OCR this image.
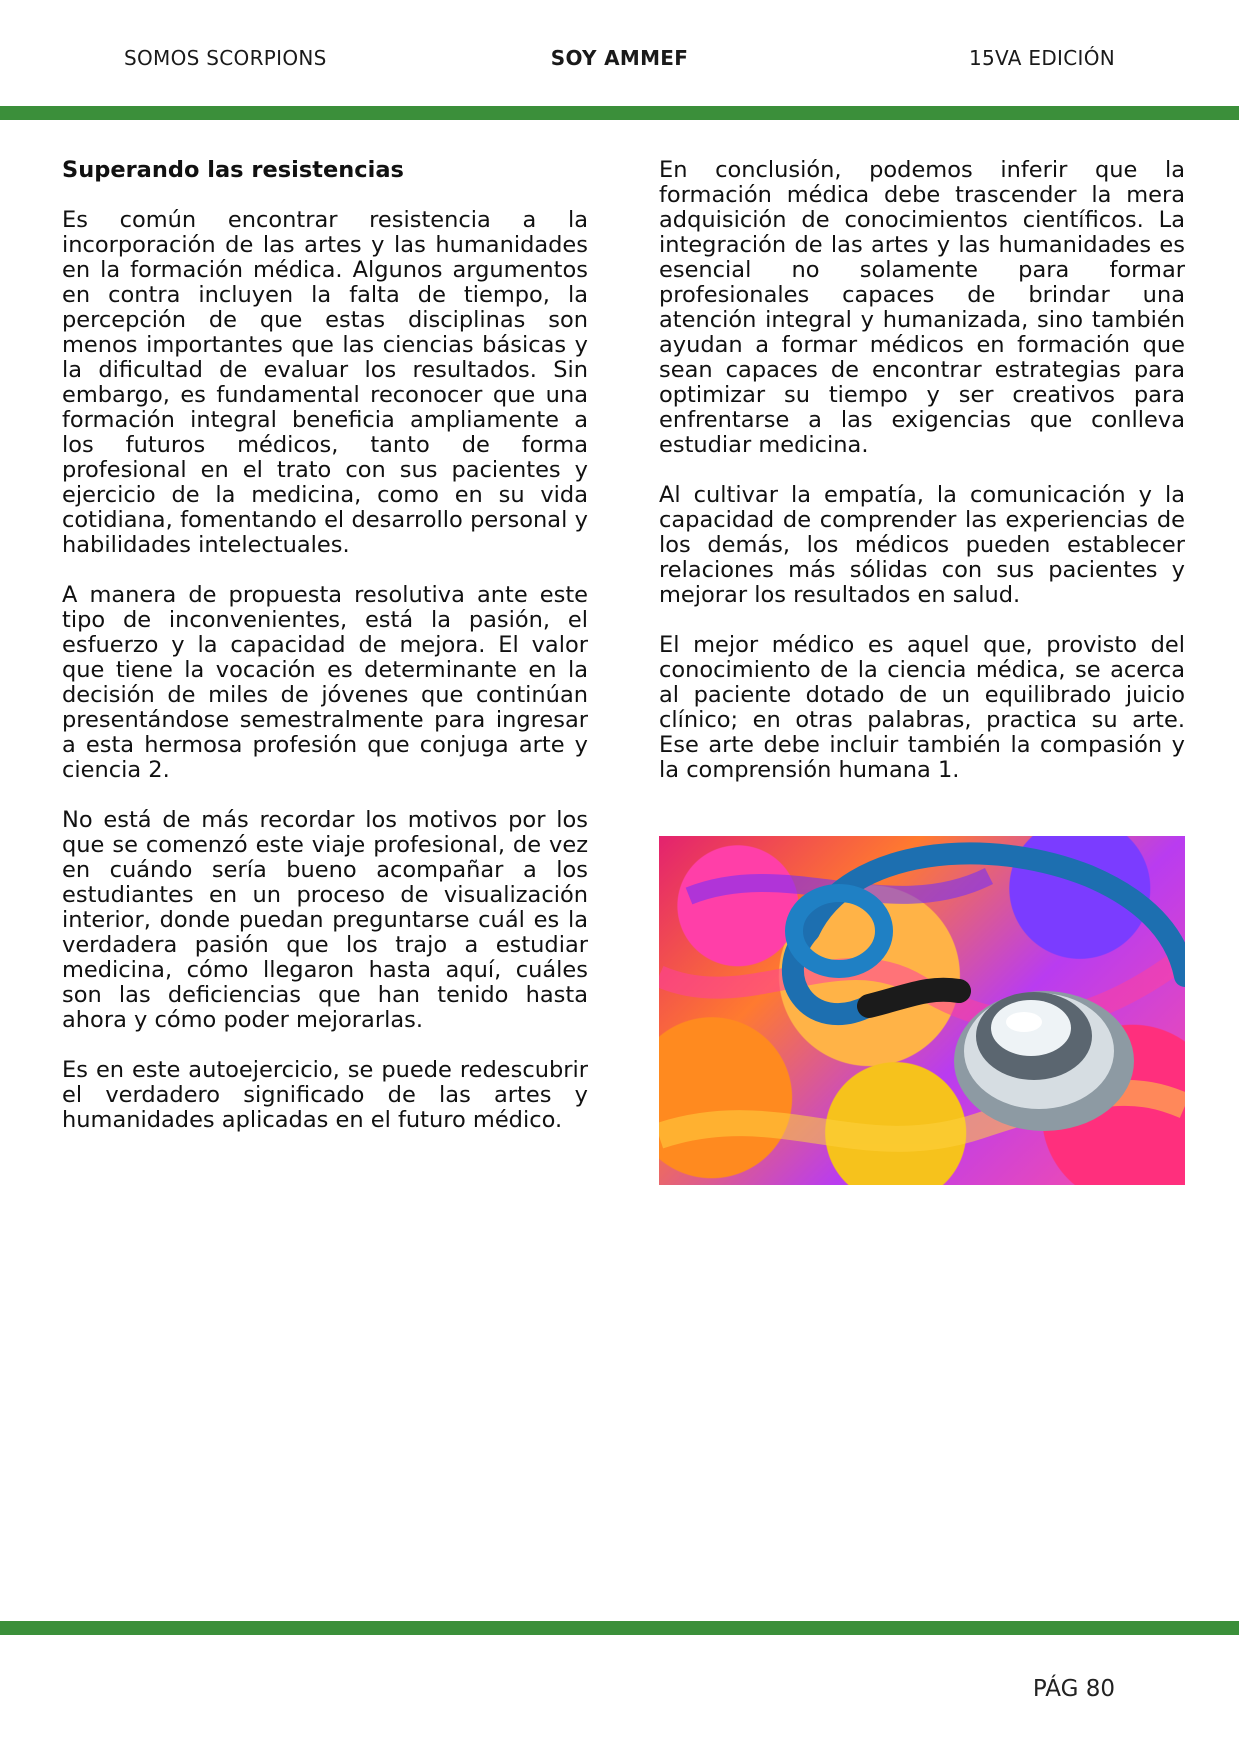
SOMOS SCORPIONS	SOY AMMEF	15VA EDICIÓN
Superando las resistencias

Es común encontrar resistencia a la incorporación de las artes y las humanidades en la formación médica. Algunos argumentos en contra incluyen la falta de tiempo, la percepción de que estas disciplinas son menos importantes que las ciencias básicas y la dificultad de evaluar los resultados. Sin embargo, es fundamental reconocer que una formación integral beneficia ampliamente a los futuros médicos, tanto de forma profesional en el trato con sus pacientes y ejercicio de la medicina, como en su vida cotidiana, fomentando el desarrollo personal y habilidades intelectuales.

A manera de propuesta resolutiva ante este tipo de inconvenientes, está la pasión, el esfuerzo y la capacidad de mejora. El valor que tiene la vocación es determinante en la decisión de miles de jóvenes que continúan presentándose semestralmente para ingresar a esta hermosa profesión que conjuga arte y ciencia 2.

No está de más recordar los motivos por los que se comenzó este viaje profesional, de vez en cuándo sería bueno acompañar a los estudiantes en un proceso de visualización interior, donde puedan preguntarse cuál es la verdadera pasión que los trajo a estudiar medicina, cómo llegaron hasta aquí, cuáles son las deficiencias que han tenido hasta ahora y cómo poder mejorarlas.

Es en este autoejercicio, se puede redescubrir el verdadero significado de las artes y humanidades aplicadas en el futuro médico.

En conclusión, podemos inferir que la formación médica debe trascender la mera adquisición de conocimientos científicos. La integración de las artes y las humanidades es esencial no solamente para formar profesionales capaces de brindar una atención integral y humanizada, sino también ayudan a formar médicos en formación que sean capaces de encontrar estrategias para optimizar su tiempo y ser creativos para enfrentarse a las exigencias que conlleva estudiar medicina.

Al cultivar la empatía, la comunicación y la capacidad de comprender las experiencias de los demás, los médicos pueden establecer relaciones más sólidas con sus pacientes y mejorar los resultados en salud.

El mejor médico es aquel que, provisto del conocimiento de la ciencia médica, se acerca al paciente dotado de un equilibrado juicio clínico; en otras palabras, practica su arte. Ese arte debe incluir también la compasión y la comprensión humana 1.

PÁG 80
